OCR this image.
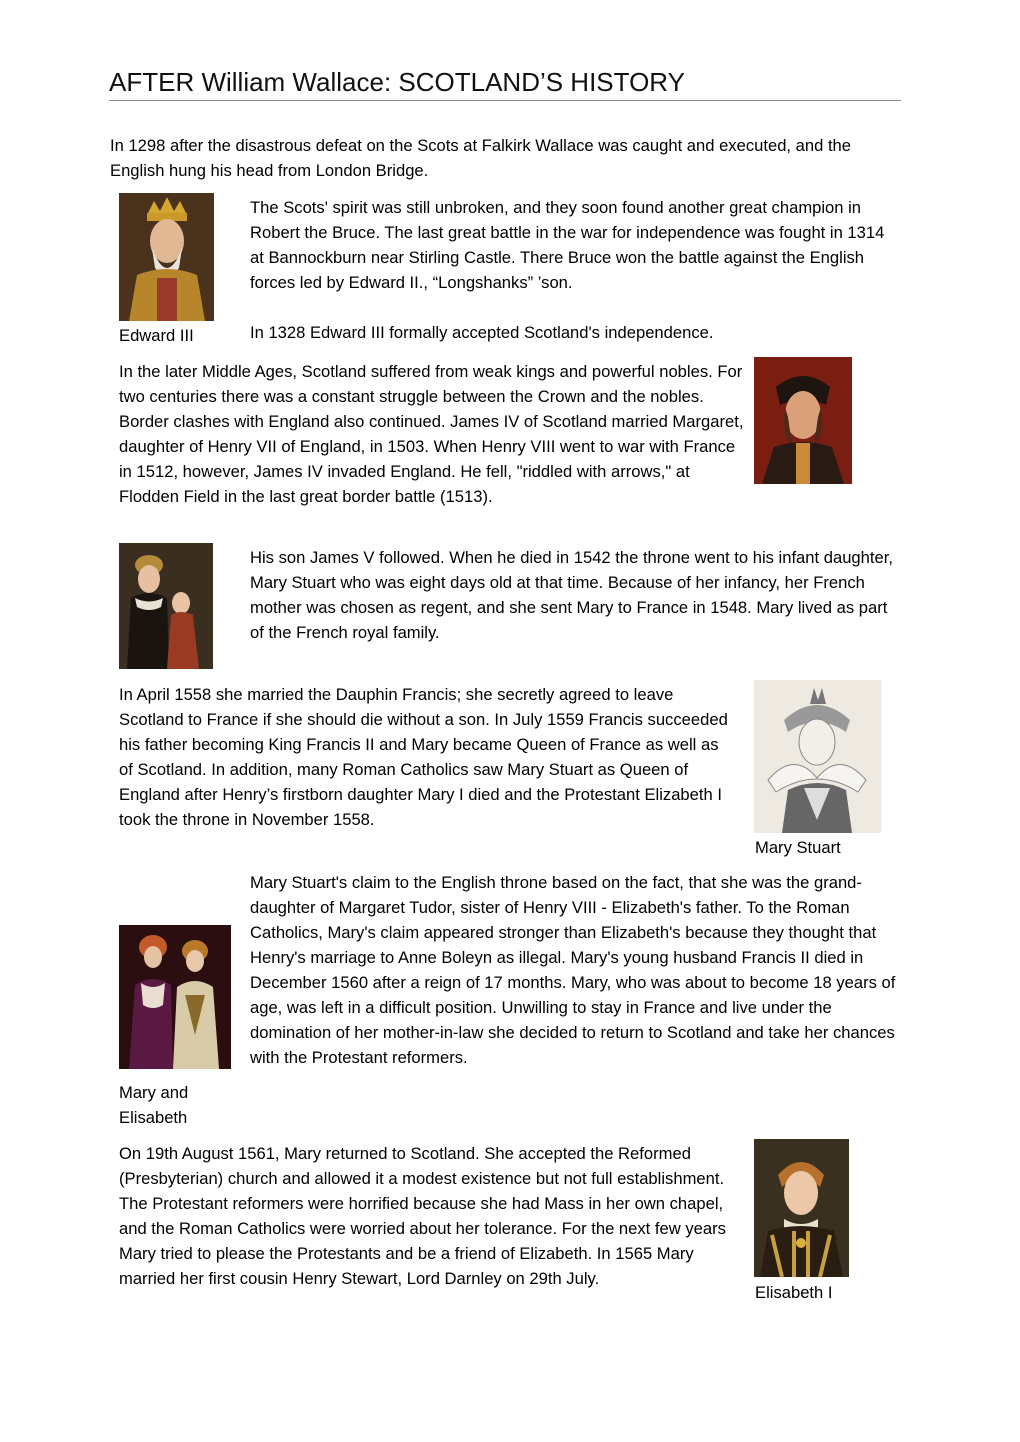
AFTER William Wallace: SCOTLAND’S HISTORY

In 1298 after the disastrous defeat on the Scots at Falkirk Wallace was caught and executed, and the English hung his head from London Bridge.

Edward III

The Scots' spirit was still unbroken, and they soon found another great champion in Robert the Bruce. The last great battle in the war for independence was fought in 1314 at Bannockburn near Stirling Castle. There Bruce won the battle against the English forces led by Edward II., “Longshanks” ’son.

In 1328 Edward III formally accepted Scotland's independence.

In the later Middle Ages, Scotland suffered from weak kings and powerful nobles. For two centuries there was a constant struggle between the Crown and the nobles. Border clashes with England also continued. James IV of Scotland married Margaret, daughter of Henry VII of England, in 1503. When Henry VIII went to war with France in 1512, however, James IV invaded England. He fell, "riddled with arrows," at Flodden Field in the last great border battle (1513).

His son James V followed. When he died in 1542 the throne went to his infant daughter, Mary Stuart who was eight days old at that time. Because of her infancy, her French mother was chosen as regent, and she sent Mary to France in 1548. Mary lived as part of the French royal family.

In April 1558 she married the Dauphin Francis; she secretly agreed to leave Scotland to France if she should die without a son. In July 1559 Francis succeeded his father becoming King Francis II and Mary became Queen of France as well as of Scotland. In addition, many Roman Catholics saw Mary Stuart as Queen of England after Henry’s firstborn daughter Mary I died and the Protestant Elizabeth I took the throne in November 1558.

Mary Stuart

Mary Stuart's claim to the English throne based on the fact, that she was the grand-daughter of Margaret Tudor, sister of Henry VIII - Elizabeth's father. To the Roman Catholics, Mary's claim appeared stronger than Elizabeth's because they thought that Henry's marriage to Anne Boleyn as illegal. Mary's young husband Francis II died in December 1560 after a reign of 17 months. Mary, who was about to become 18 years of age, was left in a difficult position. Unwilling to stay in France and live under the domination of her mother-in-law she decided to return to Scotland and take her chances with the Protestant reformers.

Mary and
Elisabeth

On 19th August 1561, Mary returned to Scotland. She accepted the Reformed (Presbyterian) church and allowed it a modest existence but not full establishment. The Protestant reformers were horrified because she had Mass in her own chapel, and the Roman Catholics were worried about her tolerance. For the next few years Mary tried to please the Protestants and be a friend of Elizabeth. In 1565 Mary married her first cousin Henry Stewart, Lord Darnley on 29th July.

Elisabeth I
